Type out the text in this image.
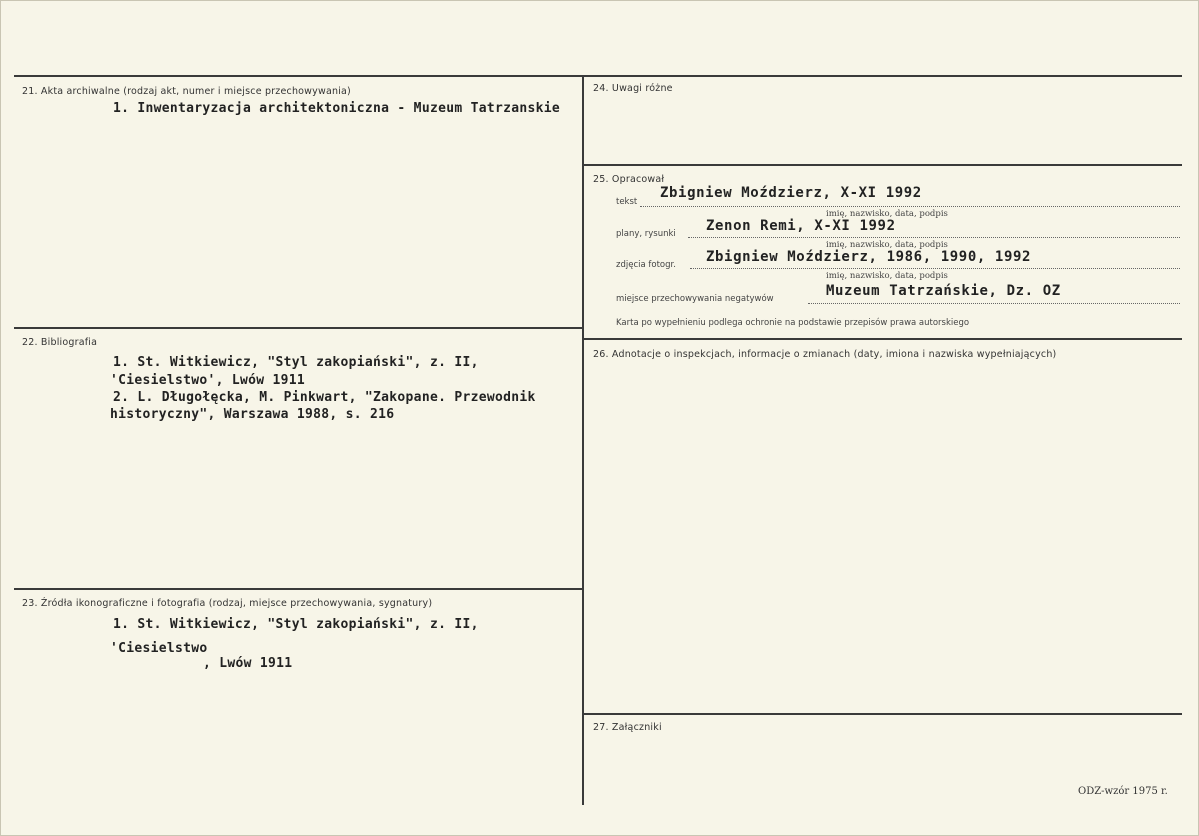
21. Akta archiwalne (rodzaj akt, numer i miejsce przechowywania)
1. Inwentaryzacja architektoniczna - Muzeum Tatrzanskie
22. Bibliografia
1. St. Witkiewicz, "Styl zakopiański", z. II,
'Ciesielstwo', Lwów 1911
2. L. Długołęcka, M. Pinkwart, "Zakopane. Przewodnik
historyczny", Warszawa 1988, s. 216
23. Źródła ikonograficzne i fotografia (rodzaj, miejsce przechowywania, sygnatury)
1. St. Witkiewicz, "Styl zakopiański", z. II,
'Ciesielstwo
, Lwów 1911
24. Uwagi różne
25. Opracował
tekst
Zbigniew Moździerz, X-XI 1992
imię, nazwisko, data, podpis
plany, rysunki Zenon Remi, X-XI 1992
imię, nazwisko, data, podpis
zdjęcia fotogr. Zbigniew Moździerz, 1986, 1990, 1992
imię, nazwisko, data, podpis
miejsce przechowywania negatywów	Muzeum Tatrzańskie, Dz. OZ
Karta po wypełnieniu podlega ochronie na podstawie przepisów prawa autorskiego
26. Adnotacje o inspekcjach, informacje o zmianach (daty, imiona i nazwiska wypełniających)
27. Załączniki
ODZ-wzór 1975 r.
